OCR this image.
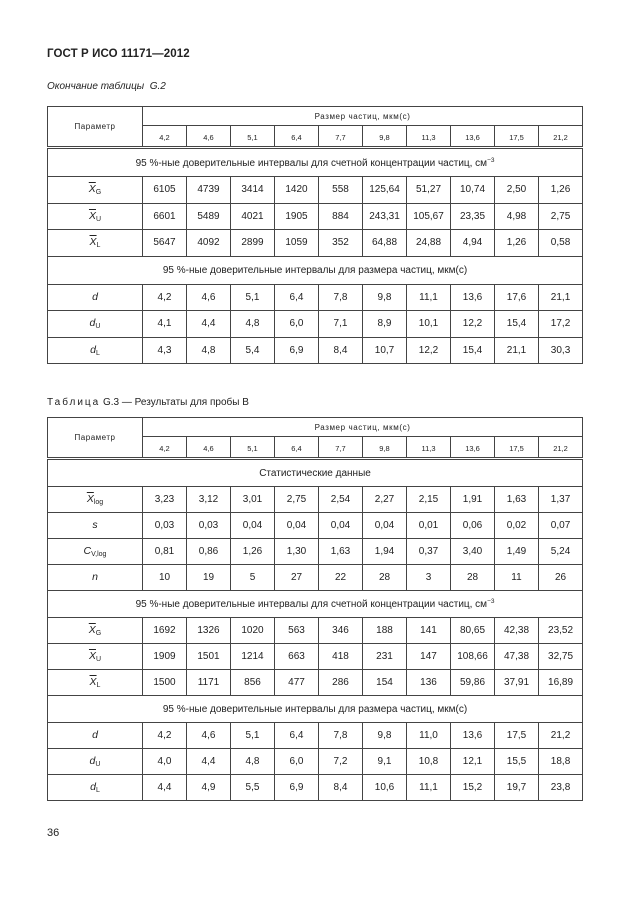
ГОСТ Р ИСО 11171—2012
Окончание таблицы G.2
Параметр	Размер частиц, мкм(с)									
	4,2	4,6	5,1	6,4	7,7	9,8	11,3	13,6	17,5	21,2
95 %-ные доверительные интервалы для счетной концентрации частиц, $см^{-3}$
$\overline{X}_G$	6105	4739	3414	1420	558	125,64	51,27	10,74	2,50	1,26
$\overline{X}_U$	6601	5489	4021	1905	884	243,31	105,67	23,35	4,98	2,75
$\overline{X}_L$	5647	4092	2899	1059	352	64,88	24,88	4,94	1,26	0,58
95 %-ные доверительные интервалы для размера частиц, мкм(с)										
d	4,2	4,6	5,1	6,4	7,8	9,8	11,1	13,6	17,6	21,1
$d_U$	4,1	4,4	4,8	6,0	7,1	8,9	10,1	12,2	15,4	17,2
$d_L$	4,3	4,8	5,4	6,9	8,4	10,7	12,2	15,4	21,1	30,3
Таблица G.3 — Результаты для пробы В
Параметр	Размер частиц, мкм(с)									
	4,2	4,6	5,1	6,4	7,7	9,8	11,3	13,6	17,5	21,2
Статистические данные										
$\overline{X}_{log}$	3,23	3,12	3,01	2,75	2,54	2,27	2,15	1,91	1,63	1,37
s	0,03	0,03	0,04	0,04	0,04	0,04	0,01	0,06	0,02	0,07
$C_{V,log}$	0,81	0,86	1,26	1,30	1,63	1,94	0,37	3,40	1,49	5,24
n	10	19	5	27	22	28	3	28	11	26
95 %-ные доверительные интервалы для счетной концентрации частиц, $см^{-3}$
$\overline{X}_G$	1692	1326	1020	563	346	188	141	80,65	42,38	23,52
$\overline{X}_U$	1909	1501	1214	663	418	231	147	108,66	47,38	32,75
$\overline{X}_L$	1500	1171	856	477	286	154	136	59,86	37,91	16,89
95 %-ные доверительные интервалы для размера частиц, мкм(с)										
d	4,2	4,6	5,1	6,4	7,8	9,8	11,0	13,6	17,5	21,2
$d_U$	4,0	4,4	4,8	6,0	7,2	9,1	10,8	12,1	15,5	18,8
$d_L$	4,4	4,9	5,5	6,9	8,4	10,6	11,1	15,2	19,7	23,8
36
